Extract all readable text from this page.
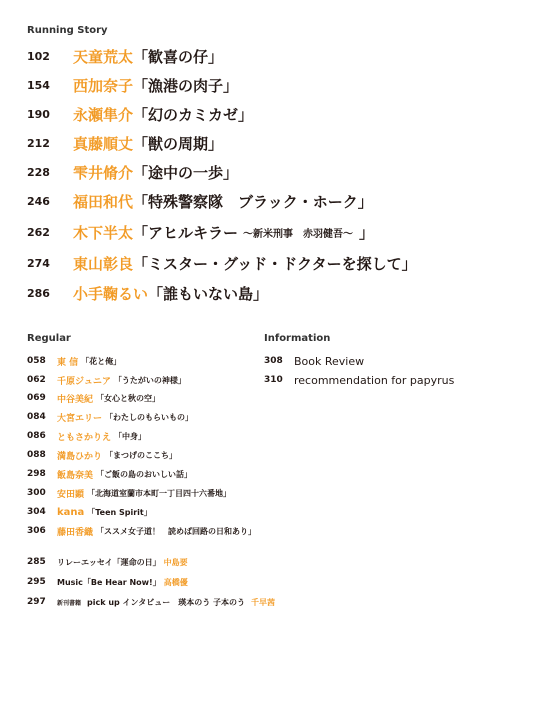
Running Story
Regular	Information
102	天童荒太 「歓喜の仔」
154	西加奈子 「漁港の肉子」
190	永瀬隼介 「幻のカミカゼ」
212	真藤順丈 「獣の周期」
228	雫井脩介 「途中の一歩」
246	福田和代 「特殊警察隊　ブラック・ホーク」
262	木下半太 「アヒルキラー ～新米刑事　赤羽健吾～ 」
274	東山彰良 「ミスター・グッド・ドクターを探して」
286	小手鞠るい 「誰もいない島」
058	東 信 「花と俺」
062	千原ジュニア 「うたがいの神様」
069	中谷美紀 「女心と秋の空」
084	大宮エリー 「わたしのもらいもの」
086	ともさかりえ 「中身」
088	満島ひかり 「まつげのここち」
298	飯島奈美 「ご飯の島のおいしい話」
300	安田顕 「北海道室蘭市本町一丁目四十六番地」
304	kana 「Teen Spirit」
306	藤田香織 「ススメ女子道！　読めば回路の日和あり」
308	Book Review
310	recommendation for papyrus
285	リレーエッセイ「運命の日」 中島要
295	Music「Be Hear Now!」 高橋優
297	新刊書籍 pick up インタビュー　瑛本のう 子本のう 千早茜
